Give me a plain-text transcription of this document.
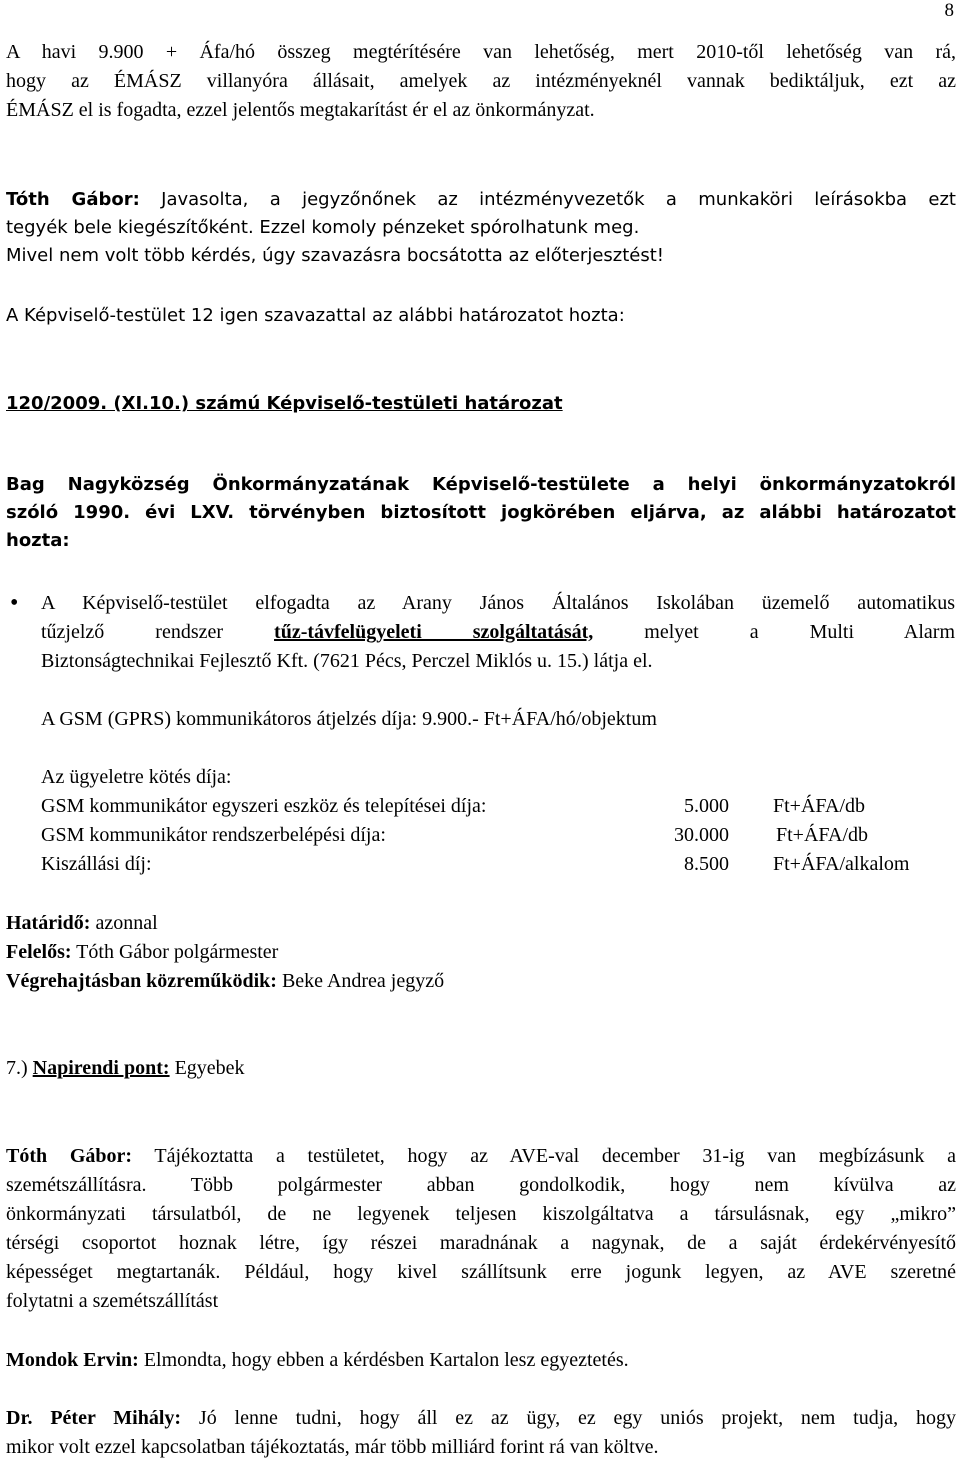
8
A havi 9.900 + Áfa/hó összeg megtérítésére van lehetőség, mert 2010-től lehetőség van rá,
hogy az ÉMÁSZ villanyóra állásait, amelyek az intézményeknél vannak bediktáljuk, ezt az
ÉMÁSZ el is fogadta, ezzel jelentős megtakarítást ér el az önkormányzat.
Tóth Gábor: Javasolta, a jegyzőnőnek az intézményvezetők a munkaköri leírásokba ezt
tegyék bele kiegészítőként. Ezzel komoly pénzeket spórolhatunk meg.
Mivel nem volt több kérdés, úgy szavazásra bocsátotta az előterjesztést!
A Képviselő-testület 12 igen szavazattal az alábbi határozatot hozta:
120/2009. (XI.10.) számú Képviselő-testületi határozat
Bag Nagyközség Önkormányzatának Képviselő-testülete a helyi önkormányzatokról
szóló 1990. évi LXV. törvényben biztosított jogkörében eljárva, az alábbi határozatot
hozta:
• A Képviselő-testület elfogadta az Arany János Általános Iskolában üzemelő automatikus
tűzjelző rendszer	tűz-távfelügyeleti szolgáltatását,	melyet a Multi Alarm
Biztonságtechnikai Fejlesztő Kft. (7621 Pécs, Perczel Miklós u. 15.) látja el.
A GSM (GPRS) kommunikátoros átjelzés díja: 9.900.- Ft+ÁFA/hó/objektum
Az ügyeletre kötés díja:
GSM kommunikátor egyszeri eszköz és telepítései díja:	5.000 Ft+ÁFA/db
GSM kommunikátor rendszerbelépési díja:	30.000 Ft+ÁFA/db
Kiszállási díj:	8.500 Ft+ÁFA/alkalom
Határidő: azonnal
Felelős: Tóth Gábor polgármester
Végrehajtásban közreműködik: Beke Andrea jegyző
7.) Napirendi pont: Egyebek
Tóth Gábor: Tájékoztatta a testületet, hogy az AVE-val december 31-ig van megbízásunk a
szemétszállításra. Több polgármester abban gondolkodik, hogy nem kívülva az
önkormányzati társulatból, de ne legyenek teljesen kiszolgáltatva a társulásnak, egy „mikro”
térségi csoportot hoznak létre, így részei maradnának a nagynak, de a saját érdekérvényesítő
képességet megtartanák. Például, hogy kivel szállítsunk erre jogunk legyen, az AVE szeretné
folytatni a szemétszállítást
Mondok Ervin: Elmondta, hogy ebben a kérdésben Kartalon lesz egyeztetés.
Dr. Péter Mihály: Jó lenne tudni, hogy áll ez az ügy, ez egy uniós projekt, nem tudja, hogy
mikor volt ezzel kapcsolatban tájékoztatás, már több milliárd forint rá van költve.
